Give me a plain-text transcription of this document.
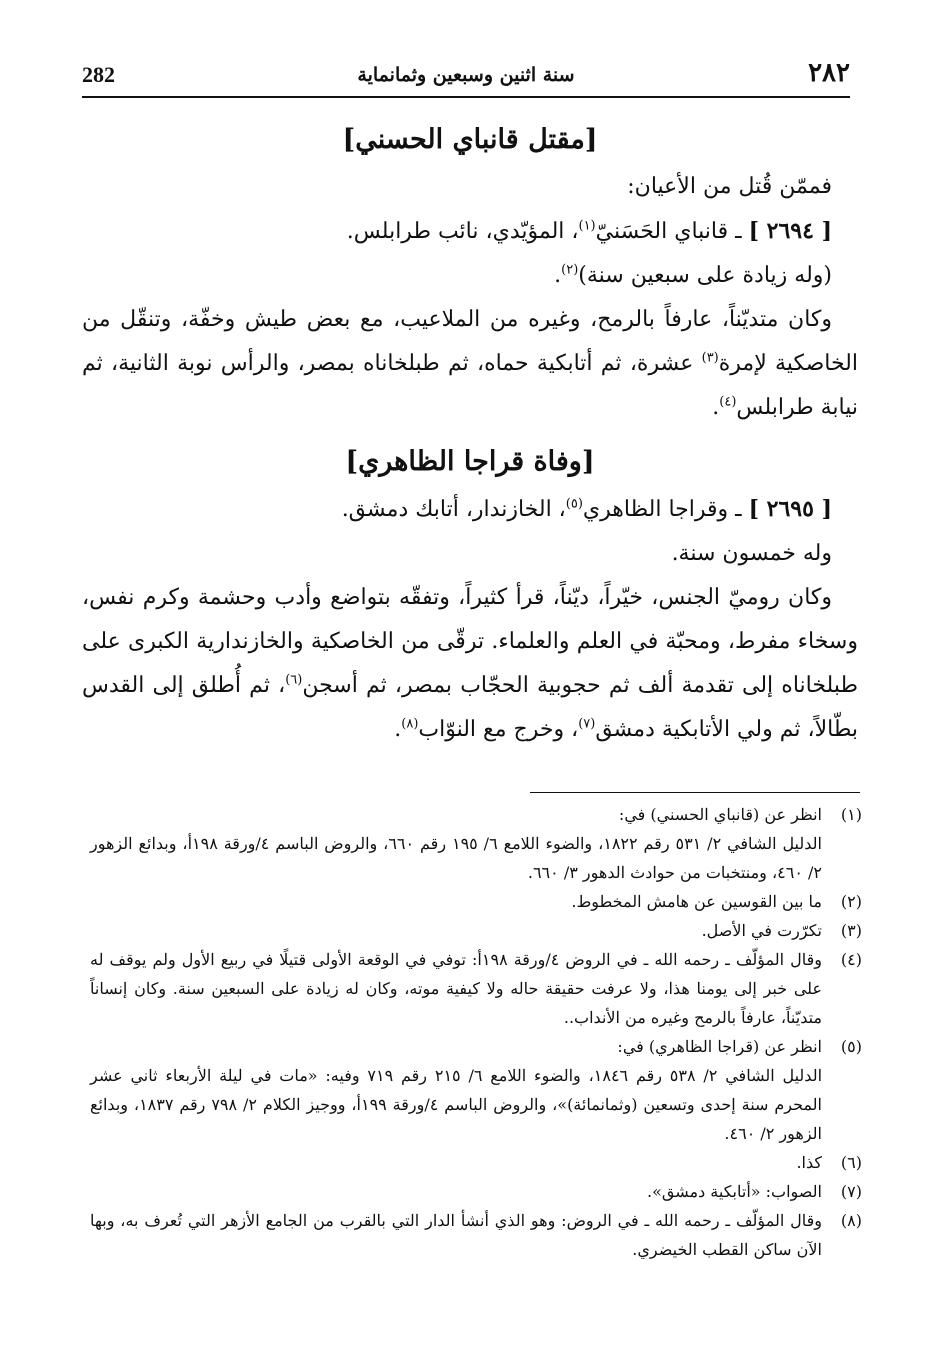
٢٨٢
سنة اثنين وسبعين وثمانماية
282
[مقتل قانباي الحسني]

فممّن قُتل من الأعيان:

[ ٢٦٩٤ ] ـ قانباي الحَسَنيّ$^{(١)}$، المؤيّدي، نائب طرابلس.

(وله زيادة على سبعين سنة)$^{(٢)}$.

وكان متديّناً، عارفاً بالرمح، وغيره من الملاعيب، مع بعض طيش وخفّة، وتنقّل من الخاصكية لإمرة$^{(٣)}$ عشرة، ثم أتابكية حماه، ثم طبلخاناه بمصر، والرأس نوبة الثانية، ثم نيابة طرابلس$^{(٤)}$.

[وفاة قراجا الظاهري]

[ ٢٦٩٥ ] ـ وقراجا الظاهري$^{(٥)}$، الخازندار، أتابك دمشق.

وله خمسون سنة.

وكان روميّ الجنس، خيّراً، ديّناً، قرأ كثيراً، وتفقّه بتواضع وأدب وحشمة وكرم نفس، وسخاء مفرط، ومحبّة في العلم والعلماء. ترقّى من الخاصكية والخازندارية الكبرى على طبلخاناه إلى تقدمة ألف ثم حجوبية الحجّاب بمصر، ثم أسجن$^{(٦)}$، ثم أُطلق إلى القدس بطّالاً، ثم ولي الأتابكية دمشق$^{(٧)}$، وخرج مع النوّاب$^{(٨)}$.

(١)
انظر عن (قانباي الحسني) في:
الدليل الشافي ٢/ ٥٣١ رقم ١٨٢٢، والضوء اللامع ٦/ ١٩٥ رقم ٦٦٠، والروض الباسم ٤/ورقة ١٩٨أ، وبدائع الزهور ٢/ ٤٦٠، ومنتخبات من حوادث الدهور ٣/ ٦٦٠.
(٢)
ما بين القوسين عن هامش المخطوط.
(٣)
تكرّرت في الأصل.
(٤)
وقال المؤلّف ـ رحمه الله ـ في الروض ٤/ورقة ١٩٨أ: توفي في الوقعة الأولى قتيلًا في ربيع الأول ولم يوقف له على خبر إلى يومنا هذا، ولا عرفت حقيقة حاله ولا كيفية موته، وكان له زيادة على السبعين سنة. وكان إنساناً متديّناً، عارفاً بالرمح وغيره من الأنداب..
(٥)
انظر عن (قراجا الظاهري) في:
الدليل الشافي ٢/ ٥٣٨ رقم ١٨٤٦، والضوء اللامع ٦/ ٢١٥ رقم ٧١٩ وفيه: «مات في ليلة الأربعاء ثاني عشر المحرم سنة إحدى وتسعين (وثمانمائة)»، والروض الباسم ٤/ورقة ١٩٩أ، ووجيز الكلام ٢/ ٧٩٨ رقم ١٨٣٧، وبدائع الزهور ٢/ ٤٦٠.
(٦)
كذا.
(٧)
الصواب: «أتابكية دمشق».
(٨)
وقال المؤلّف ـ رحمه الله ـ في الروض: وهو الذي أنشأ الدار التي بالقرب من الجامع الأزهر التي تُعرف به، وبها الآن ساكن القطب الخيضري.
